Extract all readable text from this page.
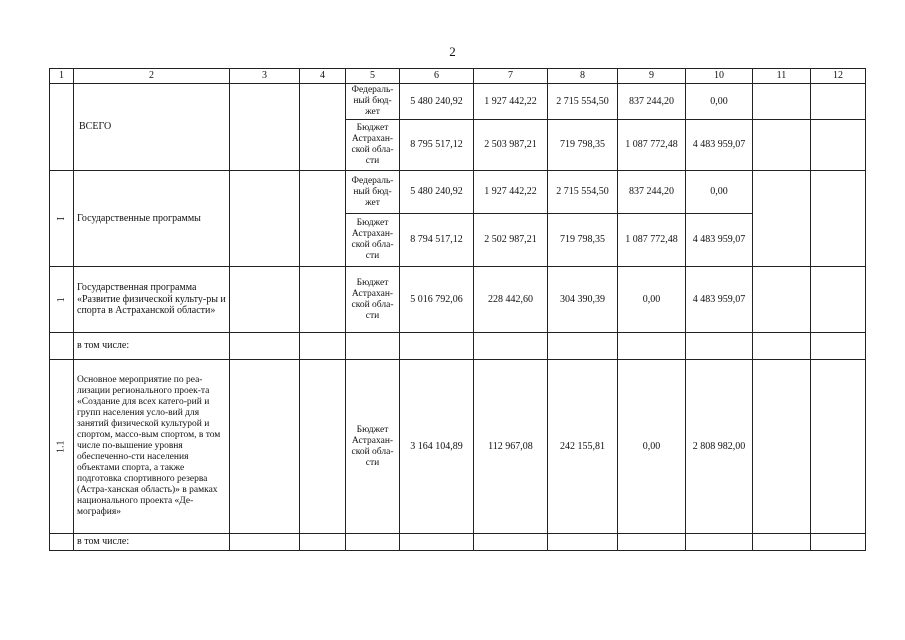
2
1	2	3	4	5	6	7	8	9	10	11	12
	ВСЕГО			Федераль-ный бюд-жет	5 480 240,92	1 927 442,22	2 715 554,50	837 244,20	0,00		
				Бюджет Астрахан-ской обла-сти	8 795 517,12	2 503 987,21	719 798,35	1 087 772,48	4 483 959,07		
I	Государственные программы			Федераль-ный бюд-жет	5 480 240,92	1 927 442,22	2 715 554,50	837 244,20	0,00		
				Бюджет Астрахан-ской обла-сти	8 794 517,12	2 502 987,21	719 798,35	1 087 772,48	4 483 959,07		
1	Государственная программа «Развитие физической культу-ры и спорта в Астраханской области»			Бюджет Астрахан-ской обла-сти	5 016 792,06	228 442,60	304 390,39	0,00	4 483 959,07		
	в том числе:										
1.1	Основное мероприятие по реа-лизации регионального проек-та «Создание для всех катего-рий и групп населения усло-вий для занятий физической культурой и спортом, массо-вым спортом, в том числе по-вышение уровня обеспеченно-сти населения объектами спорта, а также подготовка спортивного резерва (Астра-ханская область)» в рамках национального проекта «Де-мография»			Бюджет Астрахан-ской обла-сти	3 164 104,89	112 967,08	242 155,81	0,00	2 808 982,00		
	в том числе:										
